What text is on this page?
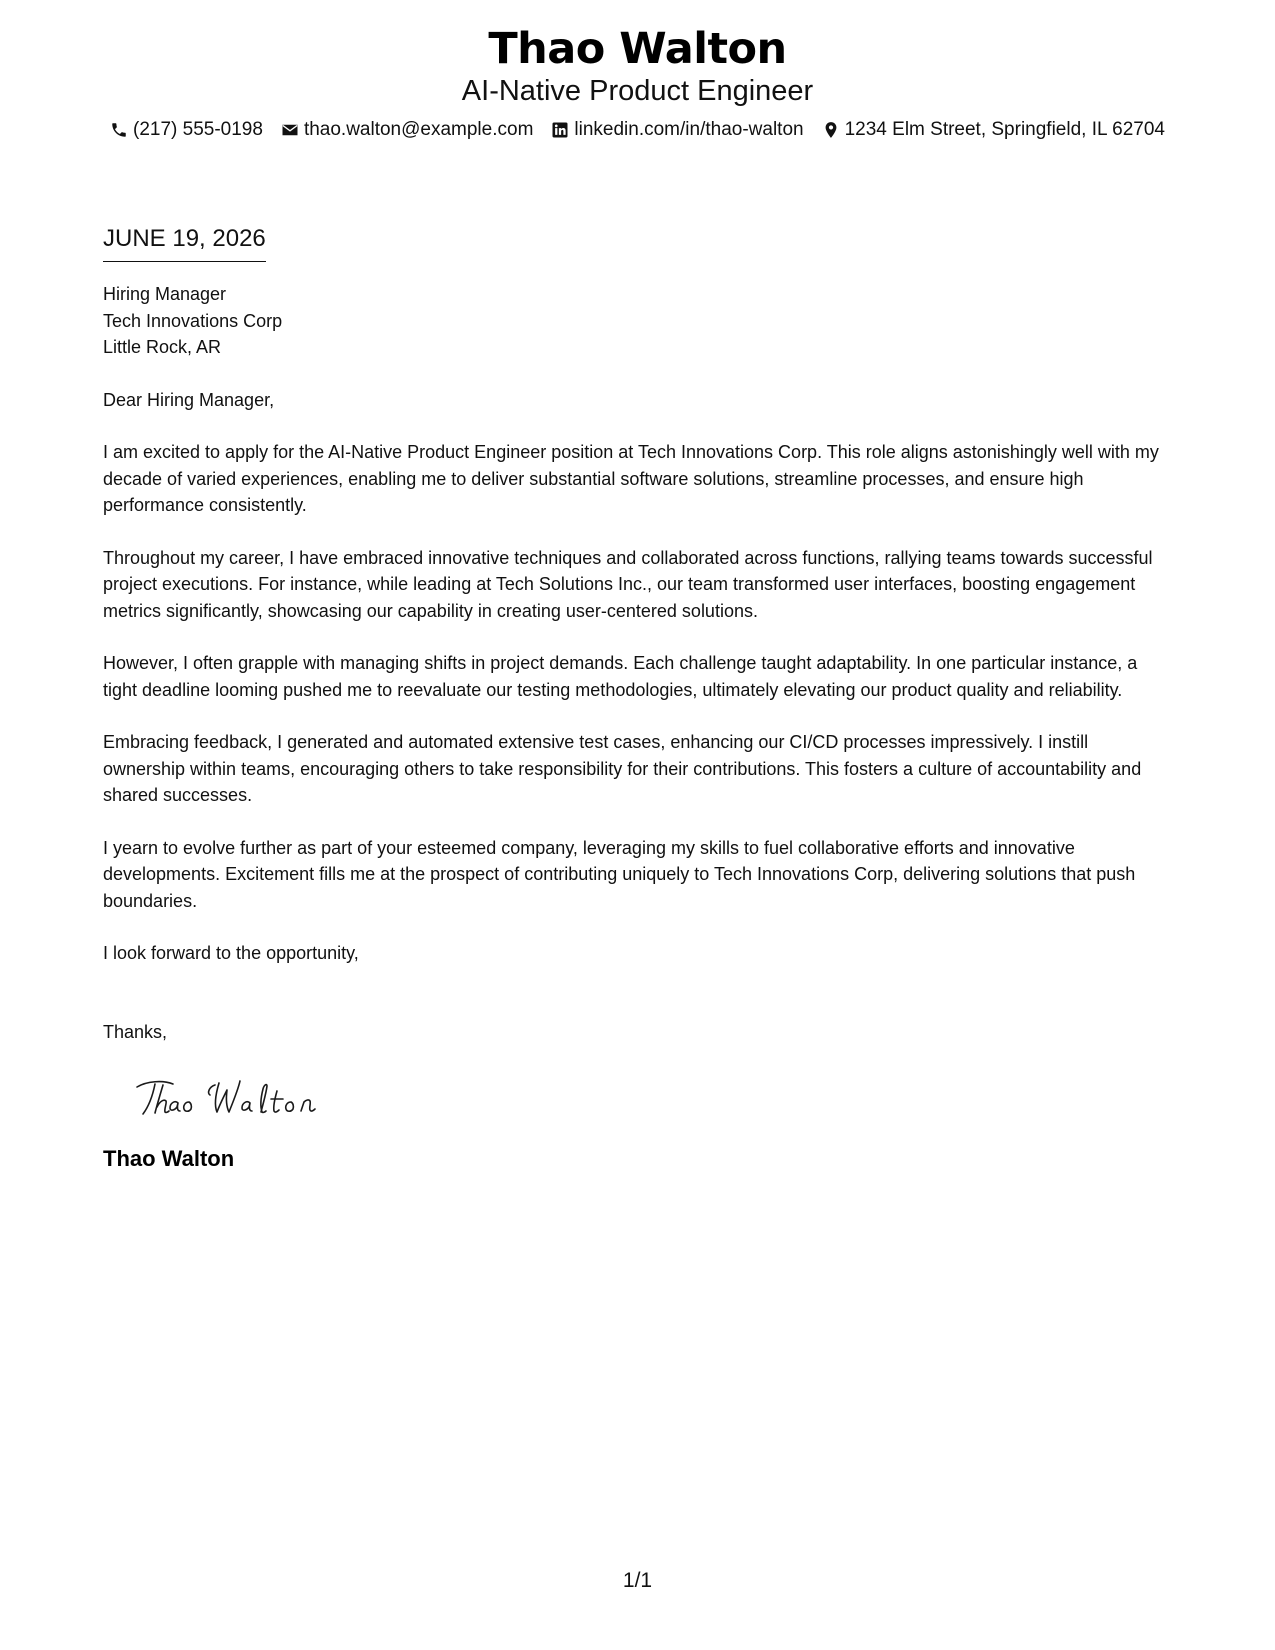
Thao Walton
AI-Native Product Engineer
(217) 555-0198 thao.walton@example.com linkedin.com/in/thao-walton 1234 Elm Street, Springfield, IL 62704
JUNE 19, 2026
Hiring Manager
Tech Innovations Corp
Little Rock, AR
Dear Hiring Manager,

I am excited to apply for the AI-Native Product Engineer position at Tech Innovations Corp. This role aligns astonishingly well with my decade of varied experiences, enabling me to deliver substantial software solutions, streamline processes, and ensure high performance consistently.

Throughout my career, I have embraced innovative techniques and collaborated across functions, rallying teams towards successful project executions. For instance, while leading at Tech Solutions Inc., our team transformed user interfaces, boosting engagement metrics significantly, showcasing our capability in creating user-centered solutions.

However, I often grapple with managing shifts in project demands. Each challenge taught adaptability. In one particular instance, a tight deadline looming pushed me to reevaluate our testing methodologies, ultimately elevating our product quality and reliability.

Embracing feedback, I generated and automated extensive test cases, enhancing our CI/CD processes impressively. I instill ownership within teams, encouraging others to take responsibility for their contributions. This fosters a culture of accountability and shared successes.

I yearn to evolve further as part of your esteemed company, leveraging my skills to fuel collaborative efforts and innovative developments. Excitement fills me at the prospect of contributing uniquely to Tech Innovations Corp, delivering solutions that push boundaries.

I look forward to the opportunity,
Thanks,
Thao Walton
1/1
